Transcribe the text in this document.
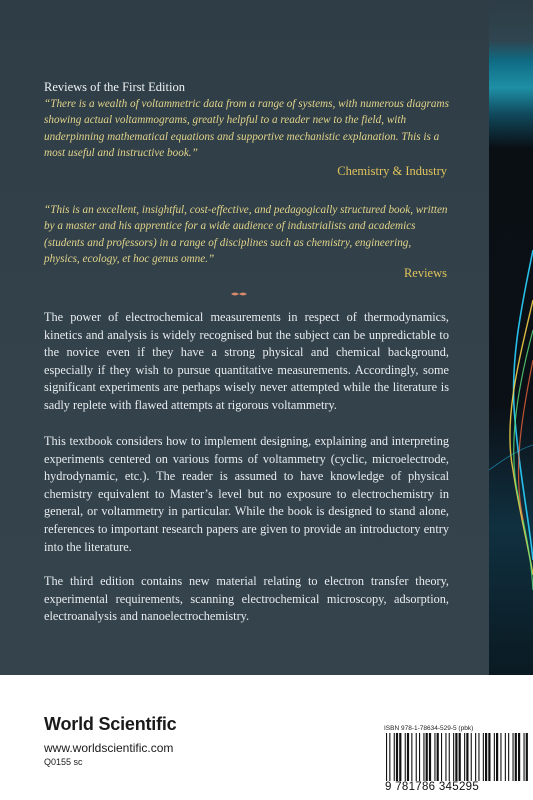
Reviews of the First Edition
“There is a wealth of voltammetric data from a range of systems, with numerous diagrams showing actual voltammograms, greatly helpful to a reader new to the field, with underpinning mathematical equations and supportive mechanistic explanation. This is a most useful and instructive book.”
Chemistry & Industry
“This is an excellent, insightful, cost-effective, and pedagogically structured book, written by a master and his apprentice for a wide audience of industrialists and academics (students and professors) in a range of disciplines such as chemistry, engineering, physics, ecology, et hoc genus omne.”
Reviews
The power of electrochemical measurements in respect of thermodynamics, kinetics and analysis is widely recognised but the subject can be unpredictable to the novice even if they have a strong physical and chemical background, especially if they wish to pursue quantitative measurements. Accordingly, some significant experiments are perhaps wisely never attempted while the literature is sadly replete with flawed attempts at rigorous voltammetry.
This textbook considers how to implement designing, explaining and interpreting experiments centered on various forms of voltammetry (cyclic, microelectrode, hydrodynamic, etc.). The reader is assumed to have knowledge of physical chemistry equivalent to Master’s level but no exposure to electrochemistry in general, or voltammetry in particular. While the book is designed to stand alone, references to important research papers are given to provide an introductory entry into the literature.
The third edition contains new material relating to electron transfer theory, experimental requirements, scanning electrochemical microscopy, adsorption, electroanalysis and nanoelectrochemistry.
World Scientific
www.worldscientific.com
Q0155 sc
ISBN 978-1-78634-529-5 (pbk)
9 781786 345295
